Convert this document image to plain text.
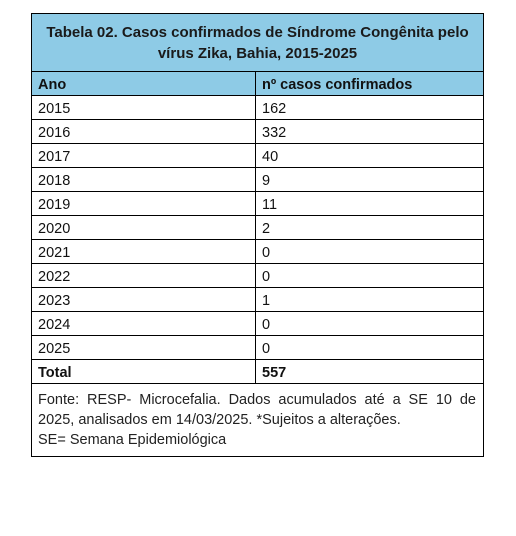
Tabela 02. Casos confirmados de Síndrome Congênita pelo vírus Zika, Bahia, 2015-2025
Ano	nº casos confirmados
2015	162
2016	332
2017	40
2018	9
2019	11
2020	2
2021	0
2022	0
2023	1
2024	0
2025	0
Total	557
Fonte: RESP- Microcefalia. Dados acumulados até a SE 10 de 2025, analisados em 14/03/2025. *Sujeitos a alterações.
SE= Semana Epidemiológica
